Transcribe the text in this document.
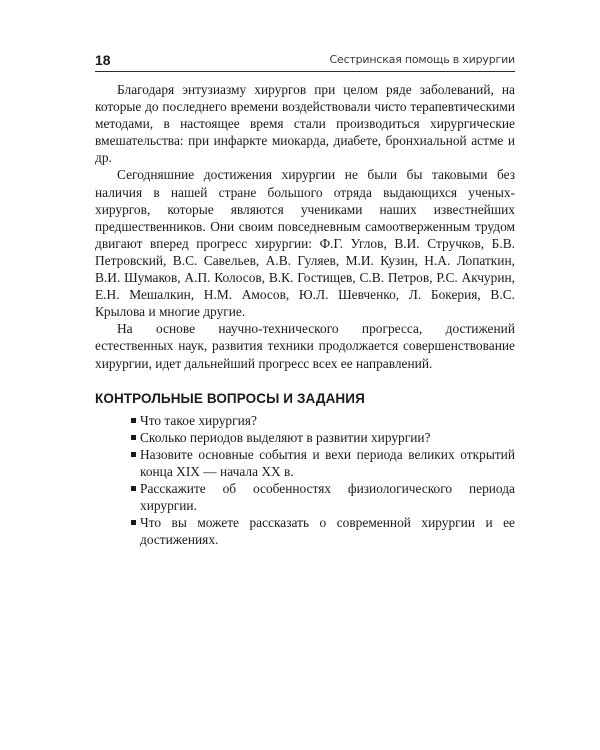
18	Сестринская помощь в хирургии

Благодаря энтузиазму хирургов при целом ряде заболеваний, на которые до последнего времени воздействовали чисто терапевтическими методами, в настоящее время стали производиться хирургические вмешательства: при инфаркте миокарда, диабете, бронхиальной астме и др.

Сегодняшние достижения хирургии не были бы таковыми без наличия в нашей стране большого отряда выдающихся ученых-хирургов, которые являются учениками наших известнейших предшественников. Они своим повседневным самоотверженным трудом двигают вперед прогресс хирургии: Ф.Г. Углов, В.И. Стручков, Б.В. Петровский, В.С. Савельев, А.В. Гуляев, М.И. Кузин, Н.А. Лопаткин, В.И. Шумаков, А.П. Колосов, В.К. Гостищев, С.В. Петров, Р.С. Акчурин, Е.Н. Мешалкин, Н.М. Амосов, Ю.Л. Шевченко, Л. Бокерия, В.С. Крылова и многие другие.

На основе научно-технического прогресса, достижений естественных наук, развития техники продолжается совершенствование хирургии, идет дальнейший прогресс всех ее направлений.

КОНТРОЛЬНЫЕ ВОПРОСЫ И ЗАДАНИЯ
Что такое хирургия?
Сколько периодов выделяют в развитии хирургии?
Назовите основные события и вехи периода великих открытий конца XIX — начала XX в.
Расскажите об особенностях физиологического периода хирургии.
Что вы можете рассказать о современной хирургии и ее достижениях.
